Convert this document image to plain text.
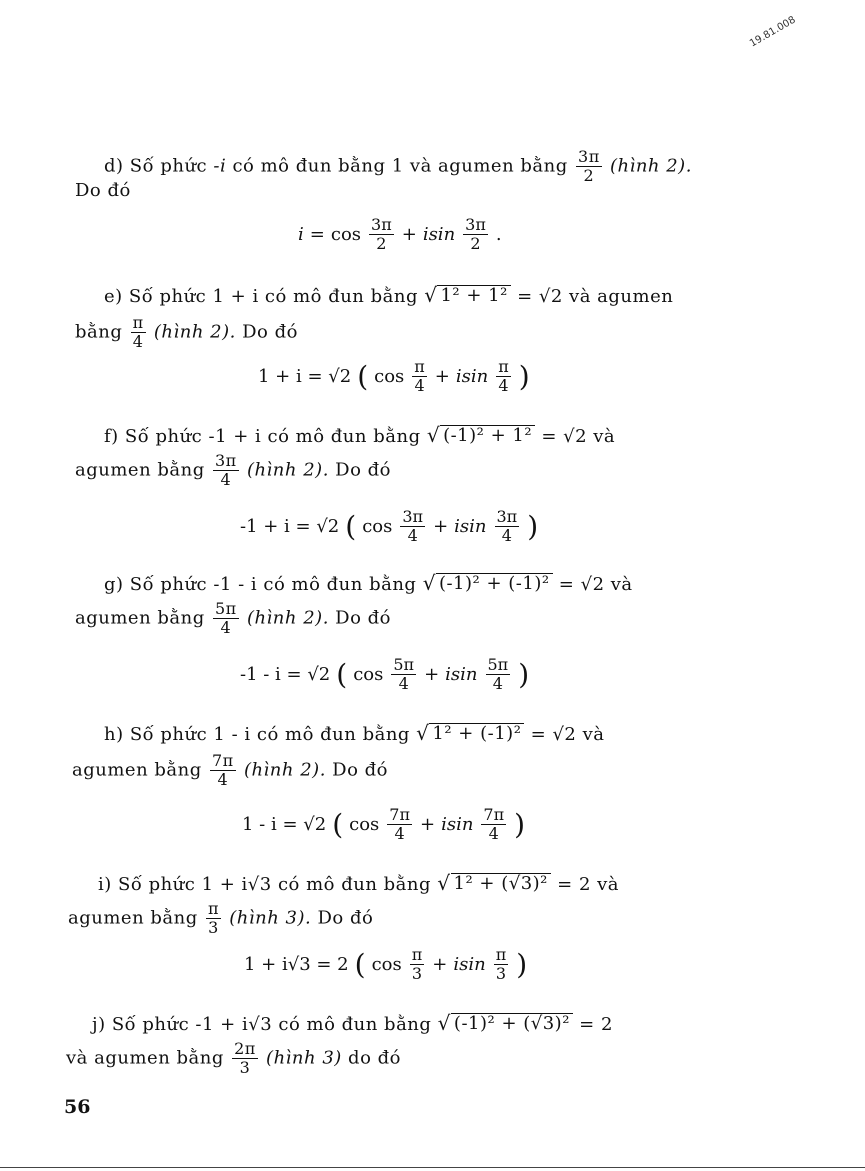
19.81.008
d) Số phức -i có mô đun bằng 1 và agumen bằng $\frac{3\pi}{2}$ (hình 2).
Do đó
$i = \cos \frac{3\pi}{2} + isin \frac{3\pi}{2}$ .
e) Số phức 1 + i có mô đun bằng √ 1² + 1² = √2 và agumen
bằng $\frac{\pi}{4}$ (hình 2). Do đó
1 + i = √2 ( $\cos \frac{\pi}{4} + isin \frac{\pi}{4}$ )
f) Số phức -1 + i có mô đun bằng √ (-1)² + 1² = √2 và
agumen bằng $\frac{3\pi}{4}$ (hình 2). Do đó
-1 + i = √2 ( $\cos \frac{3\pi}{4} + isin \frac{3\pi}{4}$ )
g) Số phức -1 - i có mô đun bằng √ (-1)² + (-1)² = √2 và
agumen bằng $\frac{5\pi}{4}$ (hình 2). Do đó
-1 - i = √2 ( $\cos \frac{5\pi}{4} + isin \frac{5\pi}{4}$ )
h) Số phức 1 - i có mô đun bằng √ 1² + (-1)² = √2 và
agumen bằng $\frac{7\pi}{4}$ (hình 2). Do đó
1 - i = √2 ( $\cos \frac{7\pi}{4} + isin \frac{7\pi}{4}$ )
i) Số phức 1 + i√3 có mô đun bằng √ 1² + (√3)² = 2 và
agumen bằng $\frac{\pi}{3}$ (hình 3). Do đó
1 + i√3 = 2 ( $\cos \frac{\pi}{3} + isin \frac{\pi}{3}$ )
j) Số phức -1 + i√3 có mô đun bằng √ (-1)² + (√3)² = 2
và agumen bằng $\frac{2\pi}{3}$ (hình 3) do đó
56
